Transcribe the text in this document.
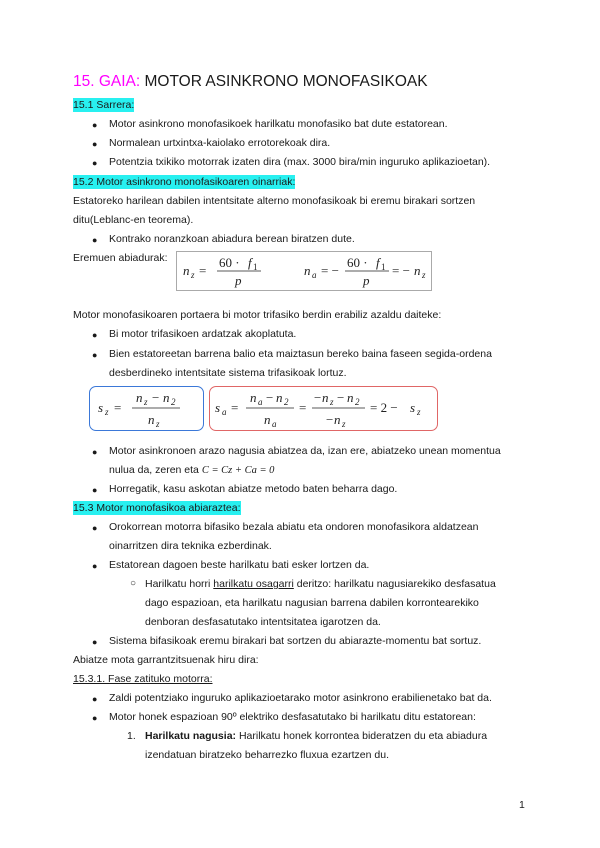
15. GAIA: MOTOR ASINKRONO MONOFASIKOAK
15.1 Sarrera:
● Motor asinkrono monofasikoek harilkatu monofasiko bat dute estatorean.
● Normalean urtxintxa-kaiolako errotorekoak dira.
● Potentzia txikiko motorrak izaten dira (max. 3000 bira/min inguruko aplikazioetan).
15.2 Motor asinkrono monofasikoaren oinarriak:
Estatoreko harilean dabilen intentsitate alterno monofasikoak bi eremu birakari sortzen
ditu(Leblanc-en teorema).
● Kontrako noranzkoan abiadura berean biratzen dute.
Eremuen abiadurak:
n z =
60 · f 1
p
n a = −
60 · f 1
p
= − n z
Motor monofasikoaren portaera bi motor trifasiko berdin erabiliz azaldu daiteke:
● Bi motor trifasikoen ardatzak akoplatuta.
● Bien estatoreetan barrena balio eta maiztasun bereko baina faseen segida-ordena
desberdineko intentsitate sistema trifasikoak lortuz.
s z =
n z − n 2
n z
s a =
n a − n 2
n a
=
− n z − n 2
− n z
= 2 − s z
● Motor asinkronoen arazo nagusia abiatzea da, izan ere, abiatzeko unean momentua
nulua da, zeren eta C = Cz + Ca = 0
● Horregatik, kasu askotan abiatze metodo baten beharra dago.
15.3 Motor monofasikoa abiaraztea:
● Orokorrean motorra bifasiko bezala abiatu eta ondoren monofasikora aldatzean
oinarritzen dira teknika ezberdinak.
● Estatorean dagoen beste harilkatu bati esker lortzen da.
○ Harilkatu horri harilkatu osagarri deritzo: harilkatu nagusiarekiko desfasatua
dago espazioan, eta harilkatu nagusian barrena dabilen korrontearekiko
denboran desfasatutako intentsitatea igarotzen da.
● Sistema bifasikoak eremu birakari bat sortzen du abiarazte-momentu bat sortuz.
Abiatze mota garrantzitsuenak hiru dira:
15.3.1. Fase zatituko motorra:
● Zaldi potentziako inguruko aplikazioetarako motor asinkrono erabilienetako bat da.
● Motor honek espazioan 90º elektriko desfasatutako bi harilkatu ditu estatorean:
1. Harilkatu nagusia: Harilkatu honek korrontea bideratzen du eta abiadura
izendatuan biratzeko beharrezko fluxua ezartzen du.
1
